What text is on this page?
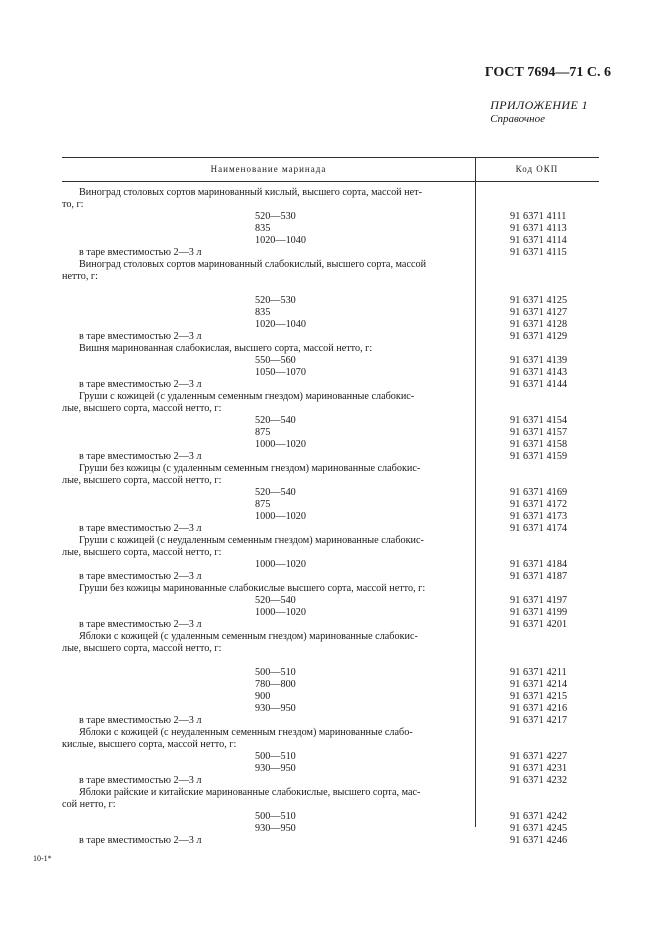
ГОСТ 7694—71 С. 6
ПРИЛОЖЕНИЕ 1
Справочное
Наименование маринада	Код ОКП
Виноград столовых сортов маринованный кислый, высшего сорта, массой нет-
то, г:
520—530	91 6371 4111
835	91 6371 4113
1020—1040	91 6371 4114
в таре вместимостью 2—3 л	91 6371 4115
Виноград столовых сортов маринованный слабокислый, высшего сорта, массой
нетто, г:
520—530	91 6371 4125
835	91 6371 4127
1020—1040	91 6371 4128
в таре вместимостью 2—3 л	91 6371 4129
Вишня маринованная слабокислая, высшего сорта, массой нетто, г:
550—560	91 6371 4139
1050—1070	91 6371 4143
в таре вместимостью 2—3 л	91 6371 4144
Груши с кожицей (с удаленным семенным гнездом) маринованные слабокис-
лые, высшего сорта, массой нетто, г:
520—540	91 6371 4154
875	91 6371 4157
1000—1020	91 6371 4158
в таре вместимостью 2—3 л	91 6371 4159
Груши без кожицы (с удаленным семенным гнездом) маринованные слабокис-
лые, высшего сорта, массой нетто, г:
520—540	91 6371 4169
875	91 6371 4172
1000—1020	91 6371 4173
в таре вместимостью 2—3 л	91 6371 4174
Груши с кожицей (с неудаленным семенным гнездом) маринованные слабокис-
лые, высшего сорта, массой нетто, г:
1000—1020	91 6371 4184
в таре вместимостью 2—3 л	91 6371 4187
Груши без кожицы маринованные слабокислые высшего сорта, массой нетто, г:
520—540	91 6371 4197
1000—1020	91 6371 4199
в таре вместимостью 2—3 л	91 6371 4201
Яблоки с кожицей (с удаленным семенным гнездом) маринованные слабокис-
лые, высшего сорта, массой нетто, г:
500—510	91 6371 4211
780—800	91 6371 4214
900	91 6371 4215
930—950	91 6371 4216
в таре вместимостью 2—3 л	91 6371 4217
Яблоки с кожицей (с неудаленным семенным гнездом) маринованные слабо-
кислые, высшего сорта, массой нетто, г:
500—510	91 6371 4227
930—950	91 6371 4231
в таре вместимостью 2—3 л	91 6371 4232
Яблоки райские и китайские маринованные слабокислые, высшего сорта, мас-
сой нетто, г:
500—510	91 6371 4242
930—950	91 6371 4245
в таре вместимостью 2—3 л	91 6371 4246
10-1*
